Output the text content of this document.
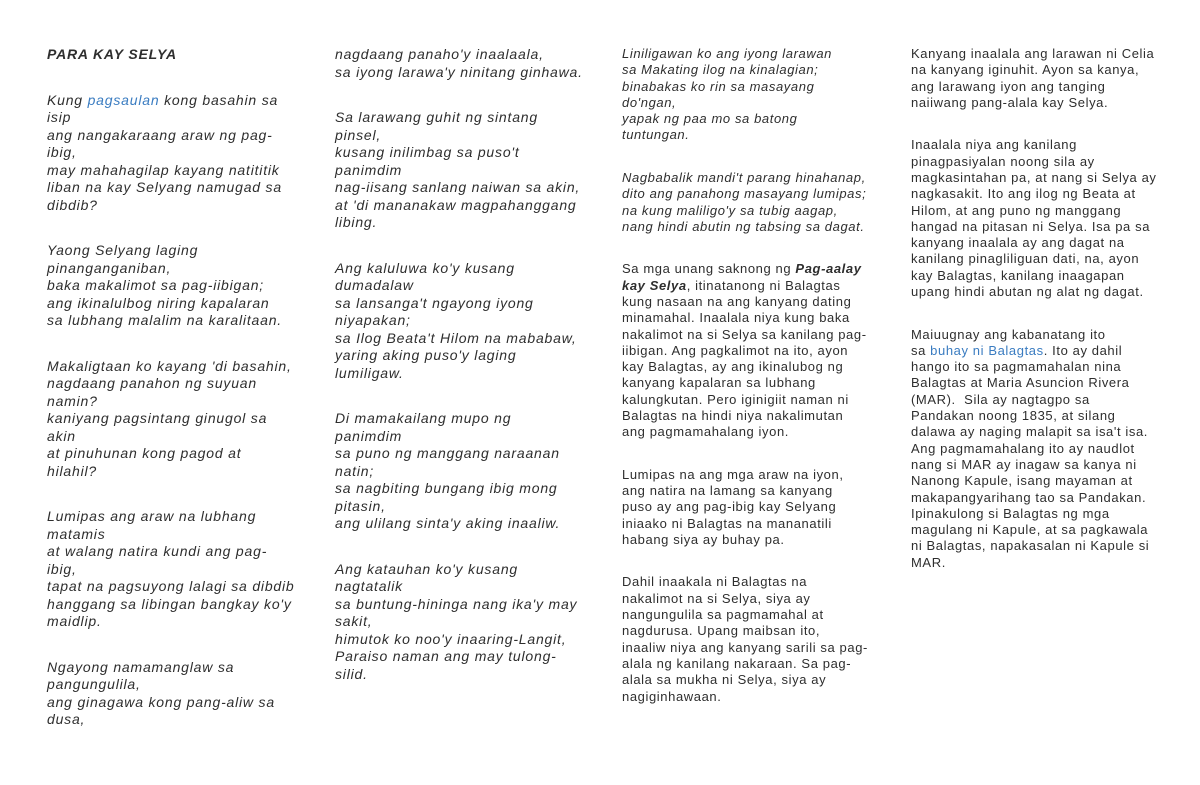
PARA KAY SELYA
Kung pagsaulan kong basahin sa
isip
ang nangakaraang araw ng pag-
ibig,
may mahahagilap kayang natititik
liban na kay Selyang namugad sa
dibdib?
Yaong Selyang laging
pinanganganiban,
baka makalimot sa pag-iibigan;
ang ikinalulbog niring kapalaran
sa lubhang malalim na karalitaan.
Makaligtaan ko kayang 'di basahin,
nagdaang panahon ng suyuan
namin?
kaniyang pagsintang ginugol sa
akin
at pinuhunan kong pagod at
hilahil?
Lumipas ang araw na lubhang
matamis
at walang natira kundi ang pag-
ibig,
tapat na pagsuyong lalagi sa dibdib
hanggang sa libingan bangkay ko'y
maidlip.
Ngayong namamanglaw sa
pangungulila,
ang ginagawa kong pang-aliw sa
dusa,
nagdaang panaho'y inaalaala,
sa iyong larawa'y ninitang ginhawa.
Sa larawang guhit ng sintang
pinsel,
kusang inilimbag sa puso't
panimdim
nag-iisang sanlang naiwan sa akin,
at 'di mananakaw magpahanggang
libing.
Ang kaluluwa ko'y kusang
dumadalaw
sa lansanga't ngayong iyong
niyapakan;
sa Ilog Beata't Hilom na mababaw,
yaring aking puso'y laging
lumiligaw.
Di mamakailang mupo ng
panimdim
sa puno ng manggang naraanan
natin;
sa nagbiting bungang ibig mong
pitasin,
ang ulilang sinta'y aking inaaliw.
Ang katauhan ko'y kusang
nagtatalik
sa buntung-hininga nang ika'y may
sakit,
himutok ko noo'y inaaring-Langit,
Paraiso naman ang may tulong-
silid.
Liniligawan ko ang iyong larawan
sa Makating ilog na kinalagian;
binabakas ko rin sa masayang
do'ngan,
yapak ng paa mo sa batong
tuntungan.
Nagbabalik mandi't parang hinahanap,
dito ang panahong masayang lumipas;
na kung maliligo'y sa tubig aagap,
nang hindi abutin ng tabsing sa dagat.
Sa mga unang saknong ng Pag-aalay
kay Selya, itinatanong ni Balagtas
kung nasaan na ang kanyang dating
minamahal. Inaalala niya kung baka
nakalimot na si Selya sa kanilang pag-
iibigan. Ang pagkalimot na ito, ayon
kay Balagtas, ay ang ikinalubog ng
kanyang kapalaran sa lubhang
kalungkutan. Pero iginigiit naman ni
Balagtas na hindi niya nakalimutan
ang pagmamahalang iyon.
Lumipas na ang mga araw na iyon,
ang natira na lamang sa kanyang
puso ay ang pag-ibig kay Selyang
iniaako ni Balagtas na mananatili
habang siya ay buhay pa.
Dahil inaakala ni Balagtas na
nakalimot na si Selya, siya ay
nangungulila sa pagmamahal at
nagdurusa. Upang maibsan ito,
inaaliw niya ang kanyang sarili sa pag-
alala ng kanilang nakaraan. Sa pag-
alala sa mukha ni Selya, siya ay
nagiginhawaan.
Kanyang inaalala ang larawan ni Celia
na kanyang iginuhit. Ayon sa kanya,
ang larawang iyon ang tanging
naiiwang pang-alala kay Selya.
Inaalala niya ang kanilang
pinagpasiyalan noong sila ay
magkasintahan pa, at nang si Selya ay
nagkasakit. Ito ang ilog ng Beata at
Hilom, at ang puno ng manggang
hangad na pitasan ni Selya. Isa pa sa
kanyang inaalala ay ang dagat na
kanilang pinagliliguan dati, na, ayon
kay Balagtas, kanilang inaagapan
upang hindi abutan ng alat ng dagat.
Maiuugnay ang kabanatang ito
sa buhay ni Balagtas. Ito ay dahil
hango ito sa pagmamahalan nina
Balagtas at Maria Asuncion Rivera
(MAR).  Sila ay nagtagpo sa
Pandakan noong 1835, at silang
dalawa ay naging malapit sa isa't isa.
Ang pagmamahalang ito ay naudlot
nang si MAR ay inagaw sa kanya ni
Nanong Kapule, isang mayaman at
makapangyarihang tao sa Pandakan.
Ipinakulong si Balagtas ng mga
magulang ni Kapule, at sa pagkawala
ni Balagtas, napakasalan ni Kapule si
MAR.
